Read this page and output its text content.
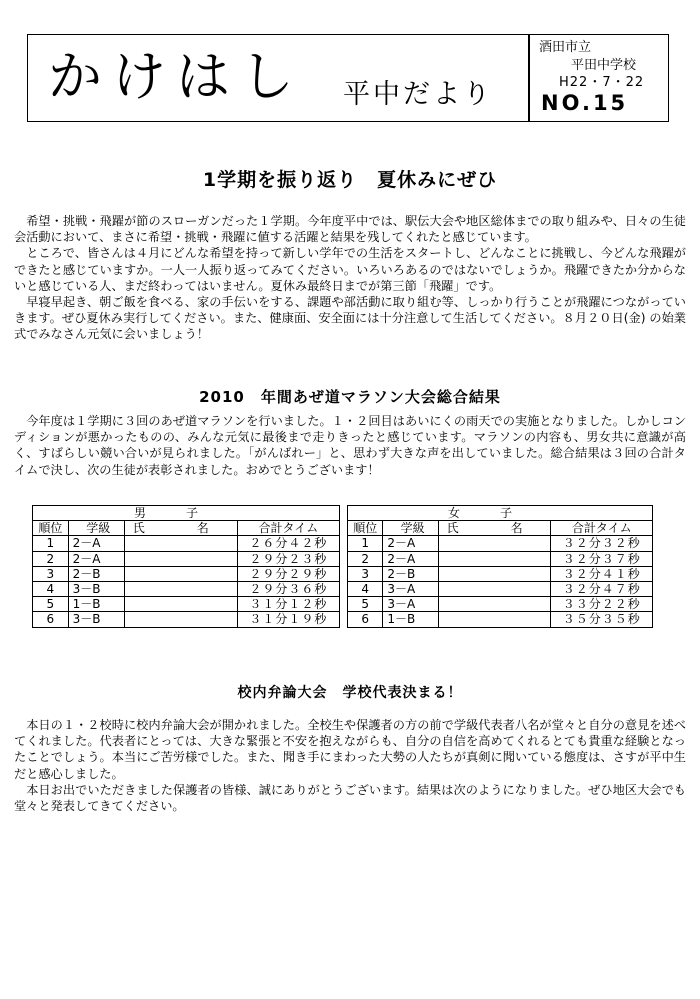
かけはし 平中だより
酒田市立
平田中学校
H22・7・22
NO.15
1学期を振り返り　夏休みにぜひ

希望・挑戦・飛躍が節のスローガンだった１学期。今年度平中では、駅伝大会や地区総体までの取り組みや、日々の生徒会活動において、まさに希望・挑戦・飛躍に値する活躍と結果を残してくれたと感じています。

ところで、皆さんは４月にどんな希望を持って新しい学年での生活をスタートし、どんなことに挑戦し、今どんな飛躍ができたと感じていますか。一人一人振り返ってみてください。いろいろあるのではないでしょうか。飛躍できたか分からないと感じている人、まだ終わってはいません。夏休み最終日までが第三節「飛躍」です。

早寝早起き、朝ご飯を食べる、家の手伝いをする、課題や部活動に取り組む等、しっかり行うことが飛躍につながっていきます。ぜひ夏休み実行してください。また、健康面、安全面には十分注意して生活してください。８月２０日(金) の始業式でみなさん元気に会いましょう！

2010　年間あぜ道マラソン大会総合結果

今年度は１学期に３回のあぜ道マラソンを行いました。１・２回目はあいにくの雨天での実施となりました。しかしコンディションが悪かったものの、みんな元気に最後まで走りきったと感じています。マラソンの内容も、男女共に意識が高く、すばらしい競い合いが見られました。「がんばれー」と、思わず大きな声を出していました。総合結果は３回の合計タイムで決し、次の生徒が表彰されました。おめでとうございます！

男子			
順位	学級	氏　名	合計タイム
1	2－A		２６分４２秒
2	2－A		２９分２３秒
3	2－B		２９分２９秒
4	3－B		２９分３６秒
5	1－B		３１分１２秒
6	3－B		３１分１９秒
女子			
順位	学級	氏　名	合計タイム
1	2－A		３２分３２秒
2	2－A		３２分３７秒
3	2－B		３２分４１秒
4	3－A		３２分４７秒
5	3－A		３３分２２秒
6	1－B		３５分３５秒
校内弁論大会　学校代表決まる！

本日の１・２校時に校内弁論大会が開かれました。全校生や保護者の方の前で学級代表者八名が堂々と自分の意見を述べてくれました。代表者にとっては、大きな緊張と不安を抱えながらも、自分の自信を高めてくれるとても貴重な経験となったことでしょう。本当にご苦労様でした。また、聞き手にまわった大勢の人たちが真剣に聞いている態度は、さすが平中生だと感心しました。

本日お出でいただきました保護者の皆様、誠にありがとうございます。結果は次のようになりました。ぜひ地区大会でも堂々と発表してきてください。
